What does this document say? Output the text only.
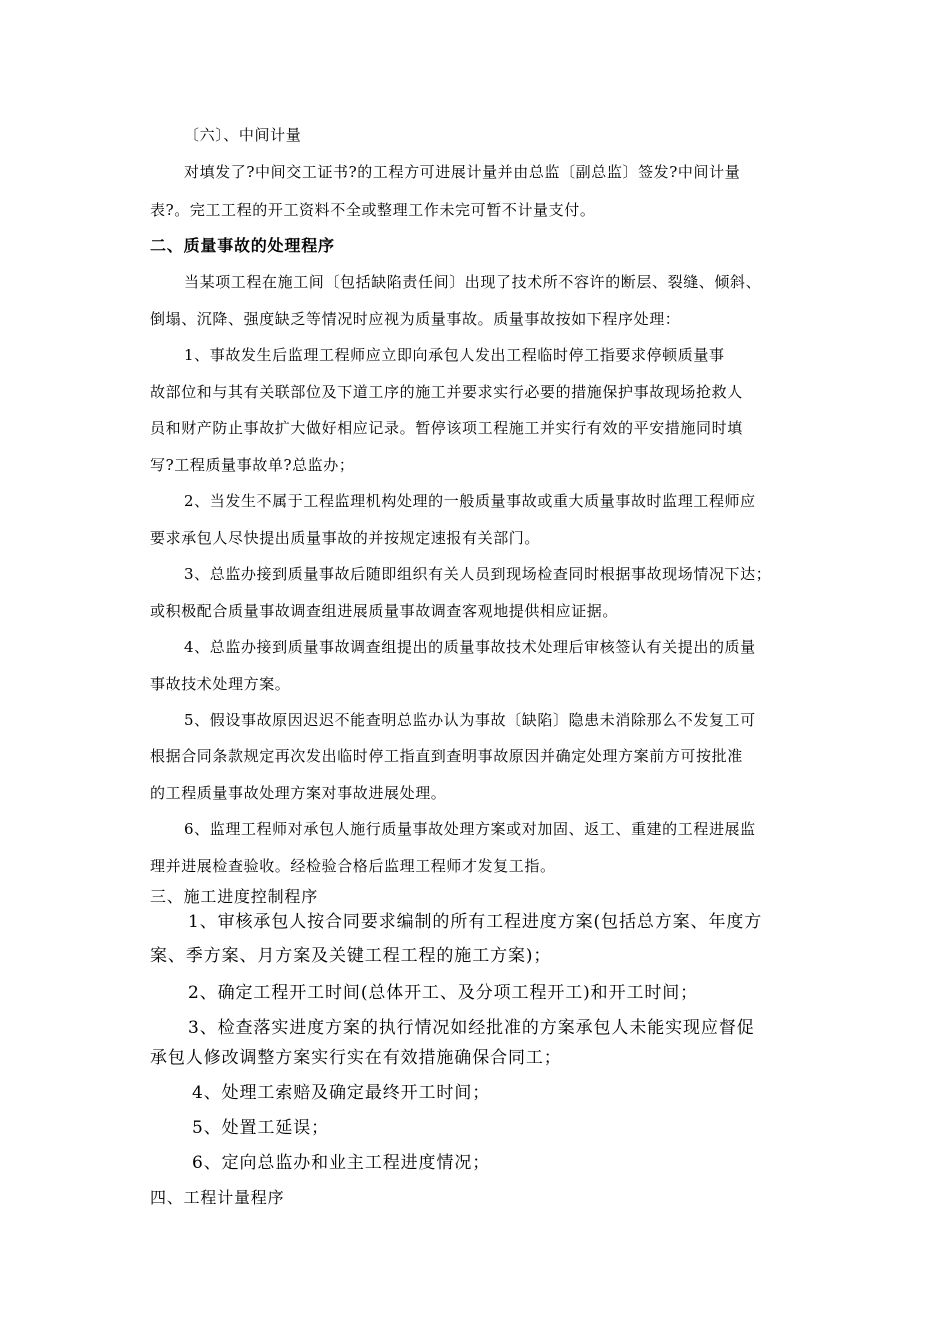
〔六〕、中间计量
对填发了?中间交工证书?的工程方可进展计量并由总监〔副总监〕签发?中间计量
表?。完工工程的开工资料不全或整理工作未完可暂不计量支付。
二、质量事故的处理程序
当某项工程在施工间〔包括缺陷责任间〕出现了技术所不容许的断层、裂缝、倾斜、
倒塌、沉降、强度缺乏等情况时应视为质量事故。质量事故按如下程序处理：
1、事故发生后监理工程师应立即向承包人发出工程临时停工指要求停顿质量事
故部位和与其有关联部位及下道工序的施工并要求实行必要的措施保护事故现场抢救人
员和财产防止事故扩大做好相应记录。暂停该项工程施工并实行有效的平安措施同时填
写?工程质量事故单?总监办；
2、当发生不属于工程监理机构处理的一般质量事故或重大质量事故时监理工程师应
要求承包人尽快提出质量事故的并按规定速报有关部门。
3、总监办接到质量事故后随即组织有关人员到现场检查同时根据事故现场情况下达；
或积极配合质量事故调查组进展质量事故调查客观地提供相应证据。
4、总监办接到质量事故调查组提出的质量事故技术处理后审核签认有关提出的质量
事故技术处理方案。
5、假设事故原因迟迟不能查明总监办认为事故〔缺陷〕隐患未消除那么不发复工可
根据合同条款规定再次发出临时停工指直到查明事故原因并确定处理方案前方可按批准
的工程质量事故处理方案对事故进展处理。
6、监理工程师对承包人施行质量事故处理方案或对加固、返工、重建的工程进展监
理并进展检查验收。经检验合格后监理工程师才发复工指。
三、施工进度控制程序
1、审核承包人按合同要求编制的所有工程进度方案(包括总方案、年度方
案、季方案、月方案及关键工程工程的施工方案)；
2、确定工程开工时间(总体开工、及分项工程开工)和开工时间；
3、检查落实进度方案的执行情况如经批准的方案承包人未能实现应督促
承包人修改调整方案实行实在有效措施确保合同工；
4、处理工索赔及确定最终开工时间；
5、处置工延误；
6、定向总监办和业主工程进度情况；
四、工程计量程序
